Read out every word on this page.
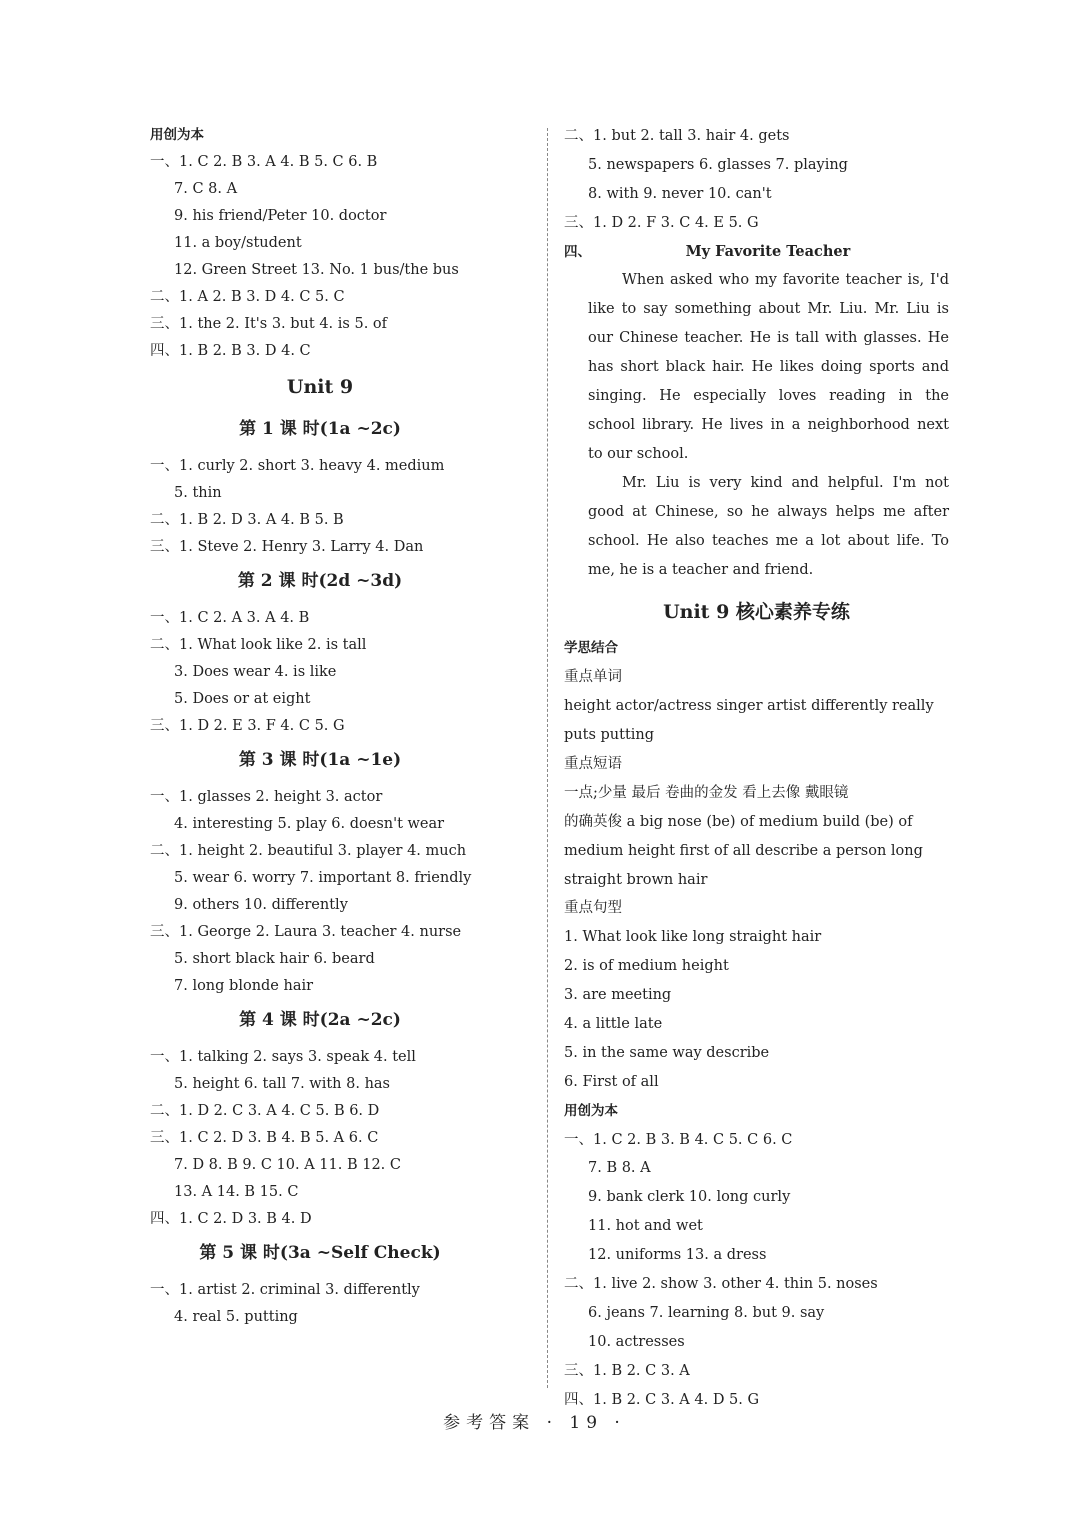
用创为本
一、1. C 2. B 3. A 4. B 5. C 6. B
7. C 8. A
9. his friend/Peter 10. doctor
11. a boy/student
12. Green Street 13. No. 1 bus/the bus
二、1. A 2. B 3. D 4. C 5. C
三、1. the 2. It's 3. but 4. is 5. of
四、1. B 2. B 3. D 4. C
Unit 9
第 1 课 时(1a ~2c)
一、1. curly 2. short 3. heavy 4. medium
5. thin
二、1. B 2. D 3. A 4. B 5. B
三、1. Steve 2. Henry 3. Larry 4. Dan
第 2 课 时(2d ~3d)
一、1. C 2. A 3. A 4. B
二、1. What look like 2. is tall
3. Does wear 4. is like
5. Does or at eight
三、1. D 2. E 3. F 4. C 5. G
第 3 课 时(1a ~1e)
一、1. glasses 2. height 3. actor
4. interesting 5. play 6. doesn't wear
二、1. height 2. beautiful 3. player 4. much
5. wear 6. worry 7. important 8. friendly
9. others 10. differently
三、1. George 2. Laura 3. teacher 4. nurse
5. short black hair 6. beard
7. long blonde hair
第 4 课 时(2a ~2c)
一、1. talking 2. says 3. speak 4. tell
5. height 6. tall 7. with 8. has
二、1. D 2. C 3. A 4. C 5. B 6. D
三、1. C 2. D 3. B 4. B 5. A 6. C
7. D 8. B 9. C 10. A 11. B 12. C
13. A 14. B 15. C
四、1. C 2. D 3. B 4. D
第 5 课 时(3a ~Self Check)
一、1. artist 2. criminal 3. differently
4. real 5. putting
二、1. but 2. tall 3. hair 4. gets
5. newspapers 6. glasses 7. playing
8. with 9. never 10. can't
三、1. D 2. F 3. C 4. E 5. G
四、	My Favorite Teacher
When asked who my favorite teacher is, I'd like to say something about Mr. Liu. Mr. Liu is our Chinese teacher. He is tall with glasses. He has short black hair. He likes doing sports and singing. He especially loves reading in the school library. He lives in a neighborhood next to our school.
Mr. Liu is very kind and helpful. I'm not good at Chinese, so he always helps me after school. He also teaches me a lot about life. To me, he is a teacher and friend.
Unit 9 核心素养专练
学思结合
重点单词
height actor/actress singer artist differently really
puts putting
重点短语
一点;少量 最后 卷曲的金发 看上去像 戴眼镜
的确英俊 a big nose (be) of medium build (be) of
medium height first of all describe a person long
straight brown hair
重点句型
1. What look like long straight hair
2. is of medium height
3. are meeting
4. a little late
5. in the same way describe
6. First of all
用创为本
一、1. C 2. B 3. B 4. C 5. C 6. C
7. B 8. A
9. bank clerk 10. long curly
11. hot and wet
12. uniforms 13. a dress
二、1. live 2. show 3. other 4. thin 5. noses
6. jeans 7. learning 8. but 9. say
10. actresses
三、1. B 2. C 3. A
四、1. B 2. C 3. A 4. D 5. G
参考答案 · 19 ·
